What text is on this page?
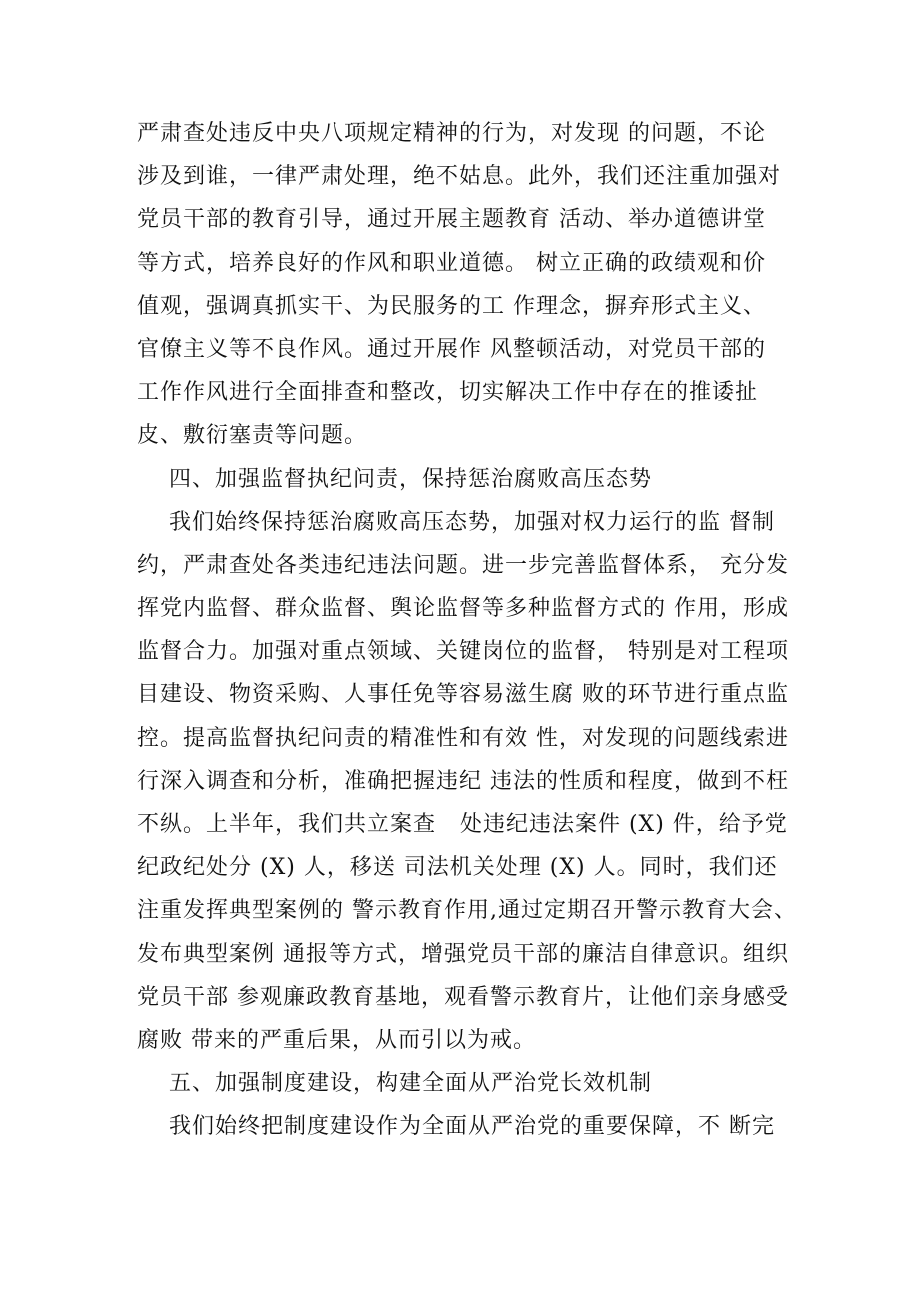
严肃查处违反中央八项规定精神的行为，对发现 的问题，不论
涉及到谁，一律严肃处理，绝不姑息。此外，我们还注重加强对
党员干部的教育引导，通过开展主题教育 活动、举办道德讲堂
等方式，培养良好的作风和职业道德。 树立正确的政绩观和价
值观，强调真抓实干、为民服务的工 作理念，摒弃形式主义、
官僚主义等不良作风。通过开展作 风整顿活动，对党员干部的
工作作风进行全面排查和整改，切实解决工作中存在的推诿扯
皮、敷衍塞责等问题。
四、加强监督执纪问责，保持惩治腐败高压态势
我们始终保持惩治腐败高压态势，加强对权力运行的监 督制
约，严肃查处各类违纪违法问题。进一步完善监督体系， 充分发
挥党内监督、群众监督、舆论监督等多种监督方式的 作用，形成
监督合力。加强对重点领域、关键岗位的监督， 特别是对工程项
目建设、物资采购、人事任免等容易滋生腐 败的环节进行重点监
控。提高监督执纪问责的精准性和有效 性，对发现的问题线索进
行深入调查和分析，准确把握违纪 违法的性质和程度，做到不枉
不纵。上半年，我们共立案查   处违纪违法案件 (X) 件，给予党
纪政纪处分 (X) 人，移送 司法机关处理 (X) 人。同时，我们还
注重发挥典型案例的 警示教育作用,通过定期召开警示教育大会、
发布典型案例 通报等方式，增强党员干部的廉洁自律意识。组织
党员干部 参观廉政教育基地，观看警示教育片，让他们亲身感受
腐败 带来的严重后果，从而引以为戒。
五、加强制度建设，构建全面从严治党长效机制
我们始终把制度建设作为全面从严治党的重要保障，不 断完
